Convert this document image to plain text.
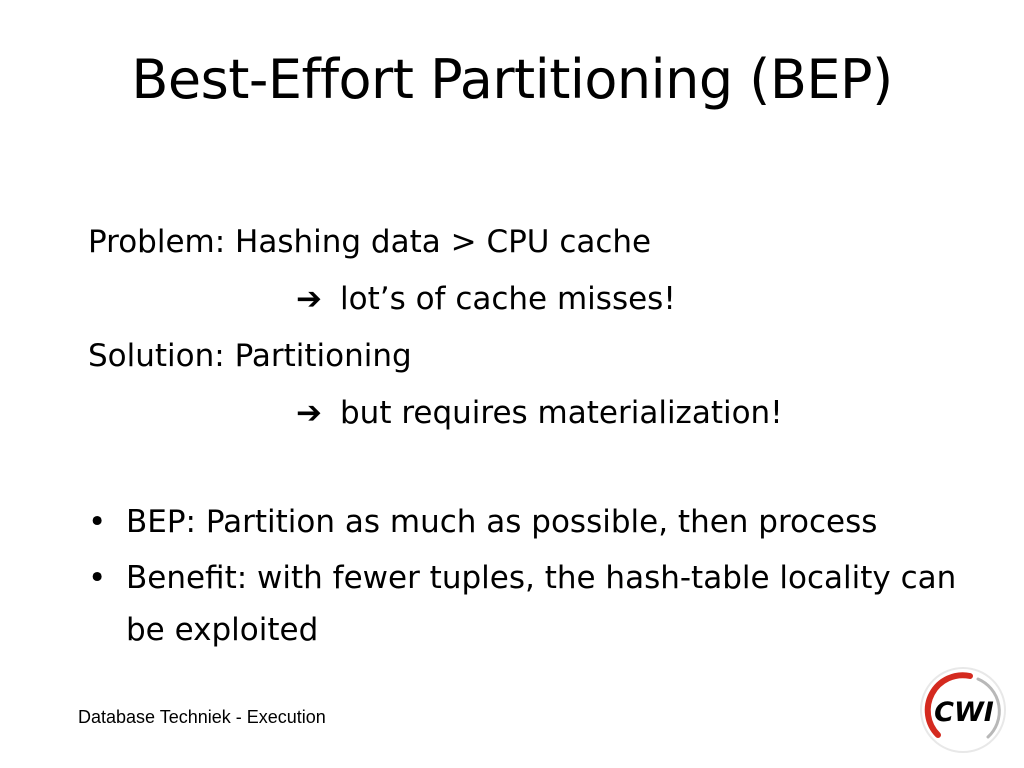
Best-Effort Partitioning (BEP)
Problem: Hashing data > CPU cache
➔ lot’s of cache misses!
Solution: Partitioning
➔ but requires materialization!
• BEP: Partition as much as possible, then process
• Benefit: with fewer tuples, the hash-table locality can be exploited
Database Techniek - Execution	CWI
